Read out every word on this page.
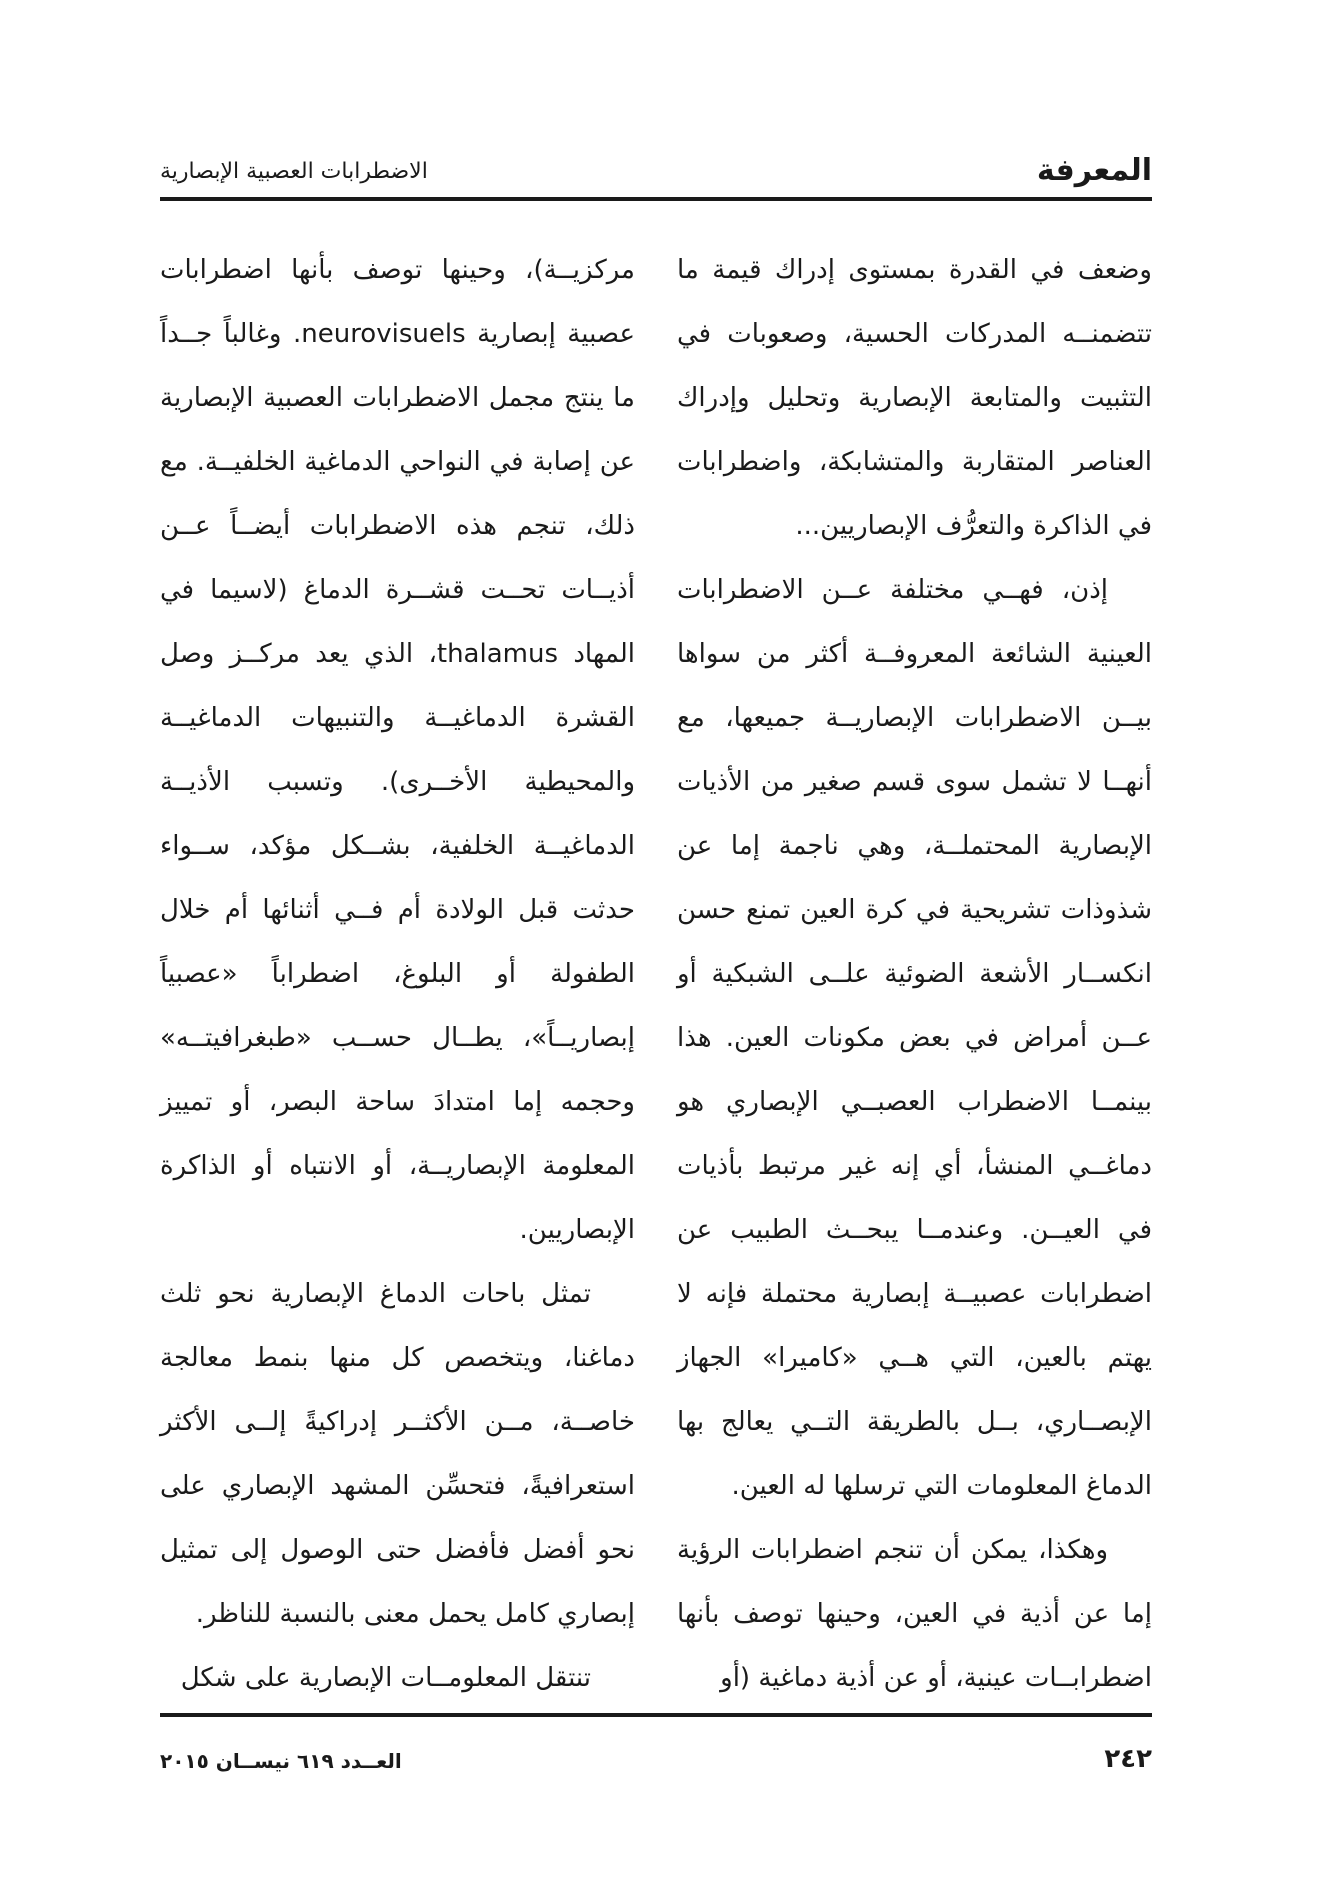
المعرفة
الاضطرابات العصبية الإبصارية

وضعف في القدرة بمستوى إدراك قيمة ما تتضمنــه المدركات الحسية، وصعوبات في التثبيت والمتابعة الإبصارية وتحليل وإدراك العناصر المتقاربة والمتشابكة، واضطرابات في الذاكرة والتعرُّف الإبصاريين...

إذن، فهــي مختلفة عــن الاضطرابات العينية الشائعة المعروفــة أكثر من سواها بيــن الاضطرابات الإبصاريــة جميعها، مع أنهــا لا تشمل سوى قسم صغير من الأذيات الإبصارية المحتملــة، وهي ناجمة إما عن شذوذات تشريحية في كرة العين تمنع حسن انكســار الأشعة الضوئية علــى الشبكية أو عــن أمراض في بعض مكونات العين. هذا بينمــا الاضطراب العصبــي الإبصاري هو دماغــي المنشأ، أي إنه غير مرتبط بأذيات في العيــن. وعندمــا يبحــث الطبيب عن اضطرابات عصبيــة إبصارية محتملة فإنه لا يهتم بالعين، التي هــي «كاميرا» الجهاز الإبصــاري، بــل بالطريقة التــي يعالج بها الدماغ المعلومات التي ترسلها له العين.

وهكذا، يمكن أن تنجم اضطرابات الرؤية إما عن أذية في العين، وحينها توصف بأنها اضطرابــات عينية، أو عن أذية دماغية (أو

مركزيــة)، وحينها توصف بأنها اضطرابات عصبية إبصارية neurovisuels. وغالباً جــداً ما ينتج مجمل الاضطرابات العصبية الإبصارية عن إصابة في النواحي الدماغية الخلفيــة. مع ذلك، تنجم هذه الاضطرابات أيضــاً عــن أذيــات تحــت قشــرة الدماغ (لاسيما في المهاد thalamus، الذي يعد مركــز وصل القشرة الدماغيــة والتنبيهات الدماغيــة والمحيطية الأخــرى). وتسبب الأذيــة الدماغيــة الخلفية، بشــكل مؤكد، ســواء حدثت قبل الولادة أم فــي أثنائها أم خلال الطفولة أو البلوغ، اضطراباً «عصبياً إبصاريــاً»، يطــال حســب «طبغرافيتــه» وحجمه إما امتدادَ ساحة البصر، أو تمييز المعلومة الإبصاريــة، أو الانتباه أو الذاكرة الإبصاريين.

تمثل باحات الدماغ الإبصارية نحو ثلث دماغنا، ويتخصص كل منها بنمط معالجة خاصــة، مــن الأكثــر إدراكيةً إلــى الأكثر استعرافيةً، فتحسِّن المشهد الإبصاري على نحو أفضل فأفضل حتى الوصول إلى تمثيل إبصاري كامل يحمل معنى بالنسبة للناظر.

تنتقل المعلومــات الإبصارية على شكل

العــدد ٦١٩ نيســان ٢٠١٥	٢٤٢
